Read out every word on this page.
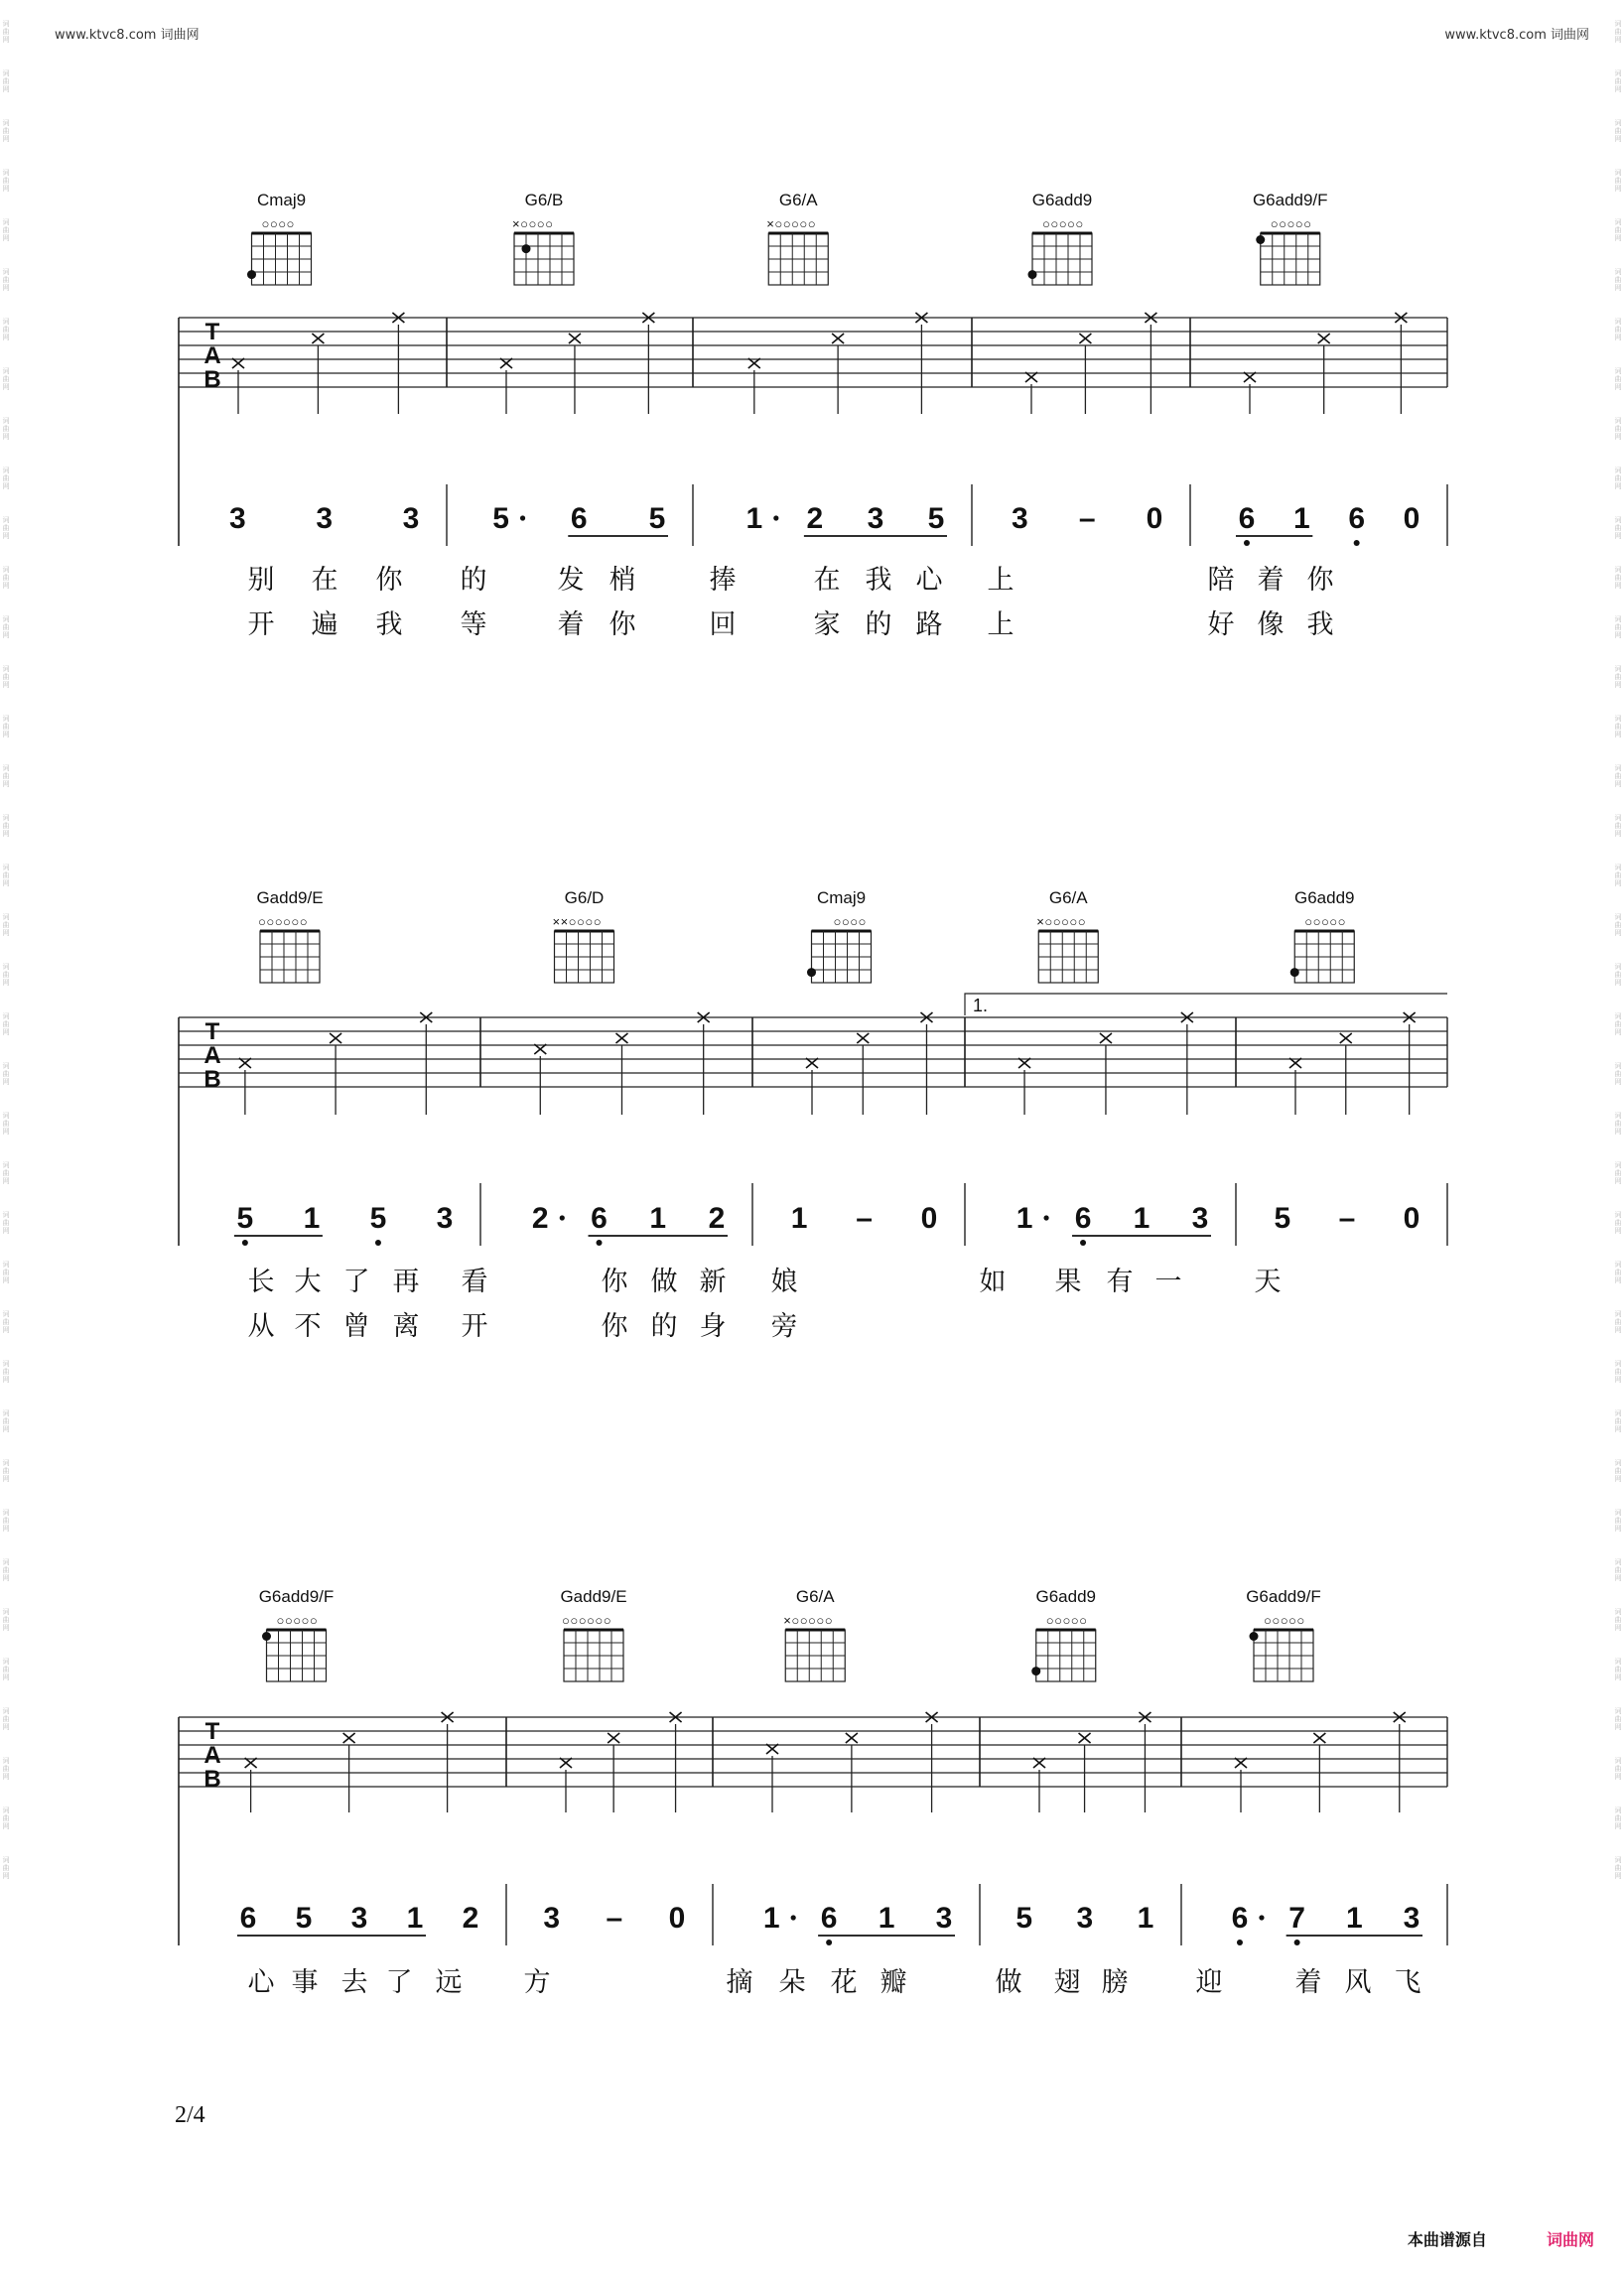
www.ktvc8.com 词曲网	www.ktvc8.com 词曲网
词
曲
网
词
曲
网
词
曲
网
词
曲
网
词
曲
网
词
曲
网
词
曲
网
词
曲
网
词
曲
网
词
曲
网
词
曲
网
词
曲
网
词
曲
网
词
曲
网
词
曲
网
词
曲
网
词
曲
网
词
曲
网
词
曲
网
词
曲
网
词
曲
网
词
曲
网
词
曲
网
词
曲
网
词
曲
网
词
曲
网
词
曲
网
词
曲
网
词
曲
网
词
曲
网
词
曲
网
词
曲
网
词
曲
网
词
曲
网
词
曲
网
词
曲
网
词
曲
网
词
曲
网
词
曲
网
词
曲
网
词
曲
网
词
曲
网
词
曲
网
词
曲
网
词
曲
网
词
曲
网
词
曲
网
词
曲
网
词
曲
网
词
曲
网
词
曲
网
词
曲
网
词
曲
网
词
曲
网
词
曲
网
词
曲
网
词
曲
网
词
曲
网
词
曲
网
词
曲
网
词
曲
网
词
曲
网
词
曲
网
词
曲
网
词
曲
网
词
曲
网
词
曲
网
词
曲
网
词
曲
网
词
曲
网
词
曲
网
词
曲
网
词
曲
网
词
曲
网
词
曲
网
词
曲
网
T
A
B
Cmaj9
○○○○
3 3 3
G6/B
×○○○○
5 6 5
G6/A
×○○○○○
1 2 3 5
G6add9
○○○○○
3 – 0
G6add9/F
○○○○○
6 1 6 0
别 在 你 的	发 梢	捧	在 我 心 上	陪 着 你
开 遍 我 等	着 你	回	家 的 路 上	好 像 我
T
A
B
1.
Gadd9/E
○○○○○○
5 1 5 3
G6/D
××○○○○
2 6 1 2
Cmaj9
○○○○
1 – 0
G6/A
×○○○○○
1 6 1 3
G6add9
○○○○○
5 – 0
长 大 了 再 看	你 做 新 娘	如 果 有 一	天
从 不 曾 离 开	你 的 身 旁
T
A
B
G6add9/F
○○○○○
6 5 3 1 2
Gadd9/E
○○○○○○
3 – 0
G6/A
×○○○○○
1 6 1 3
G6add9
○○○○○
5 3 1
G6add9/F
○○○○○
6 7 1 3
心 事 去 了 远 方	摘 朵 花 瓣	做 翅 膀	迎	着 风 飞
2/4
本曲谱源自	词曲网
